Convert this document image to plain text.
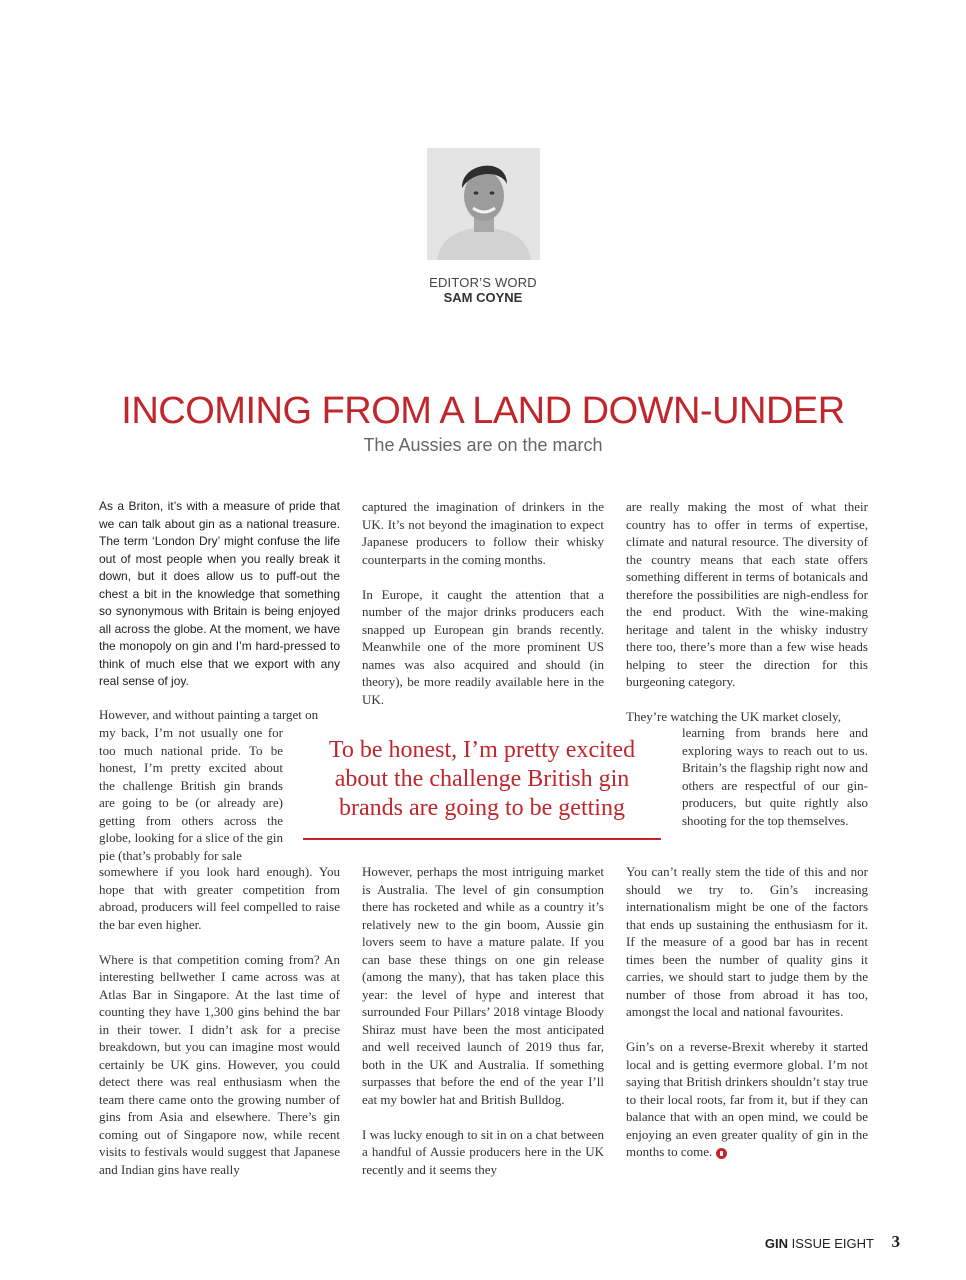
EDITOR’S WORD
SAM COYNE
INCOMING FROM A LAND DOWN-UNDER
The Aussies are on the march

As a Briton, it’s with a measure of pride that we can talk about gin as a national treasure. The term ‘London Dry’ might confuse the life out of most people when you really break it down, but it does allow us to puff-out the chest a bit in the knowledge that something so synonymous with Britain is being enjoyed all across the globe. At the moment, we have the monopoly on gin and I’m hard-pressed to think of much else that we export with any real sense of joy.

However, and without painting a target on

my back, I’m not usually one for too much national pride. To be honest, I’m pretty excited about the challenge British gin brands are going to be (or already are) getting from others across the globe, looking for a slice of the gin pie (that’s probably for sale

somewhere if you look hard enough). You hope that with greater competition from abroad, producers will feel compelled to raise the bar even higher.

Where is that competition coming from? An interesting bellwether I came across was at Atlas Bar in Singapore. At the last time of counting they have 1,300 gins behind the bar in their tower. I didn’t ask for a precise breakdown, but you can imagine most would certainly be UK gins. However, you could detect there was real enthusiasm when the team there came onto the growing number of gins from Asia and elsewhere. There’s gin coming out of Singapore now, while recent visits to festivals would suggest that Japanese and Indian gins have really

captured the imagination of drinkers in the UK. It’s not beyond the imagination to expect Japanese producers to follow their whisky counterparts in the coming months.

In Europe, it caught the attention that a number of the major drinks producers each snapped up European gin brands recently. Meanwhile one of the more prominent US names was also acquired and should (in theory), be more readily available here in the UK.

However, perhaps the most intriguing market is Australia. The level of gin consumption there has rocketed and while as a country it’s relatively new to the gin boom, Aussie gin lovers seem to have a mature palate. If you can base these things on one gin release (among the many), that has taken place this year: the level of hype and interest that surrounded Four Pillars’ 2018 vintage Bloody Shiraz must have been the most anticipated and well received launch of 2019 thus far, both in the UK and Australia. If something surpasses that before the end of the year I’ll eat my bowler hat and British Bulldog.

I was lucky enough to sit in on a chat between a handful of Aussie producers here in the UK recently and it seems they

To be honest, I’m pretty excited about the challenge British gin brands are going to be getting

are really making the most of what their country has to offer in terms of expertise, climate and natural resource. The diversity of the country means that each state offers something different in terms of botanicals and therefore the possibilities are nigh-endless for the end product. With the wine-making heritage and talent in the whisky industry there too, there’s more than a few wise heads helping to steer the direction for this burgeoning category.

They’re watching the UK market closely,

learning from brands here and exploring ways to reach out to us. Britain’s the flagship right now and others are respectful of our gin-producers, but quite rightly also shooting for the top themselves.

You can’t really stem the tide of this and nor should we try to. Gin’s increasing internationalism might be one of the factors that ends up sustaining the enthusiasm for it. If the measure of a good bar has in recent times been the number of quality gins it carries, we should start to judge them by the number of those from abroad it has too, amongst the local and national favourites.

Gin’s on a reverse-Brexit whereby it started local and is getting evermore global. I’m not saying that British drinkers shouldn’t stay true to their local roots, far from it, but if they can balance that with an open mind, we could be enjoying an even greater quality of gin in the months to come.

GIN ISSUE EIGHT 3
